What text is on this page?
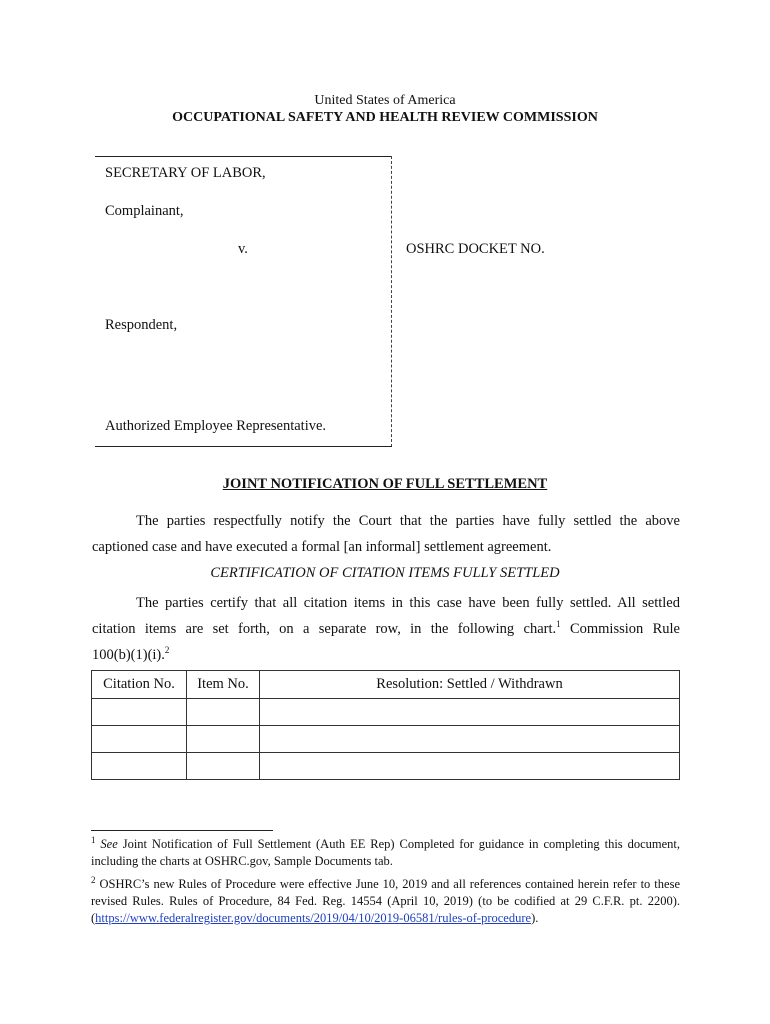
United States of America
OCCUPATIONAL SAFETY AND HEALTH REVIEW COMMISSION
SECRETARY OF LABOR,
Complainant,
v.	OSHRC DOCKET NO.
Respondent,
Authorized Employee Representative.
JOINT NOTIFICATION OF FULL SETTLEMENT
The parties respectfully notify the Court that the parties have fully settled the above
captioned case and have executed a formal [an informal] settlement agreement.
CERTIFICATION OF CITATION ITEMS FULLY SETTLED
The parties certify that all citation items in this case have been fully settled. All settled
citation items are set forth, on a separate row, in the following chart.$^1$ Commission Rule
100(b)(1)(i).$^2$
Citation No.	Item No.	Resolution: Settled / Withdrawn

$^1$ See Joint Notification of Full Settlement (Auth EE Rep) Completed for guidance in completing this document, including the charts at OSHRC.gov, Sample Documents tab.
$^2$ OSHRC’s new Rules of Procedure were effective June 10, 2019 and all references contained herein refer to these revised Rules. Rules of Procedure, 84 Fed. Reg. 14554 (April 10, 2019) (to be codified at 29 C.F.R. pt. 2200). (https://www.federalregister.gov/documents/2019/04/10/2019-06581/rules-of-procedure).
